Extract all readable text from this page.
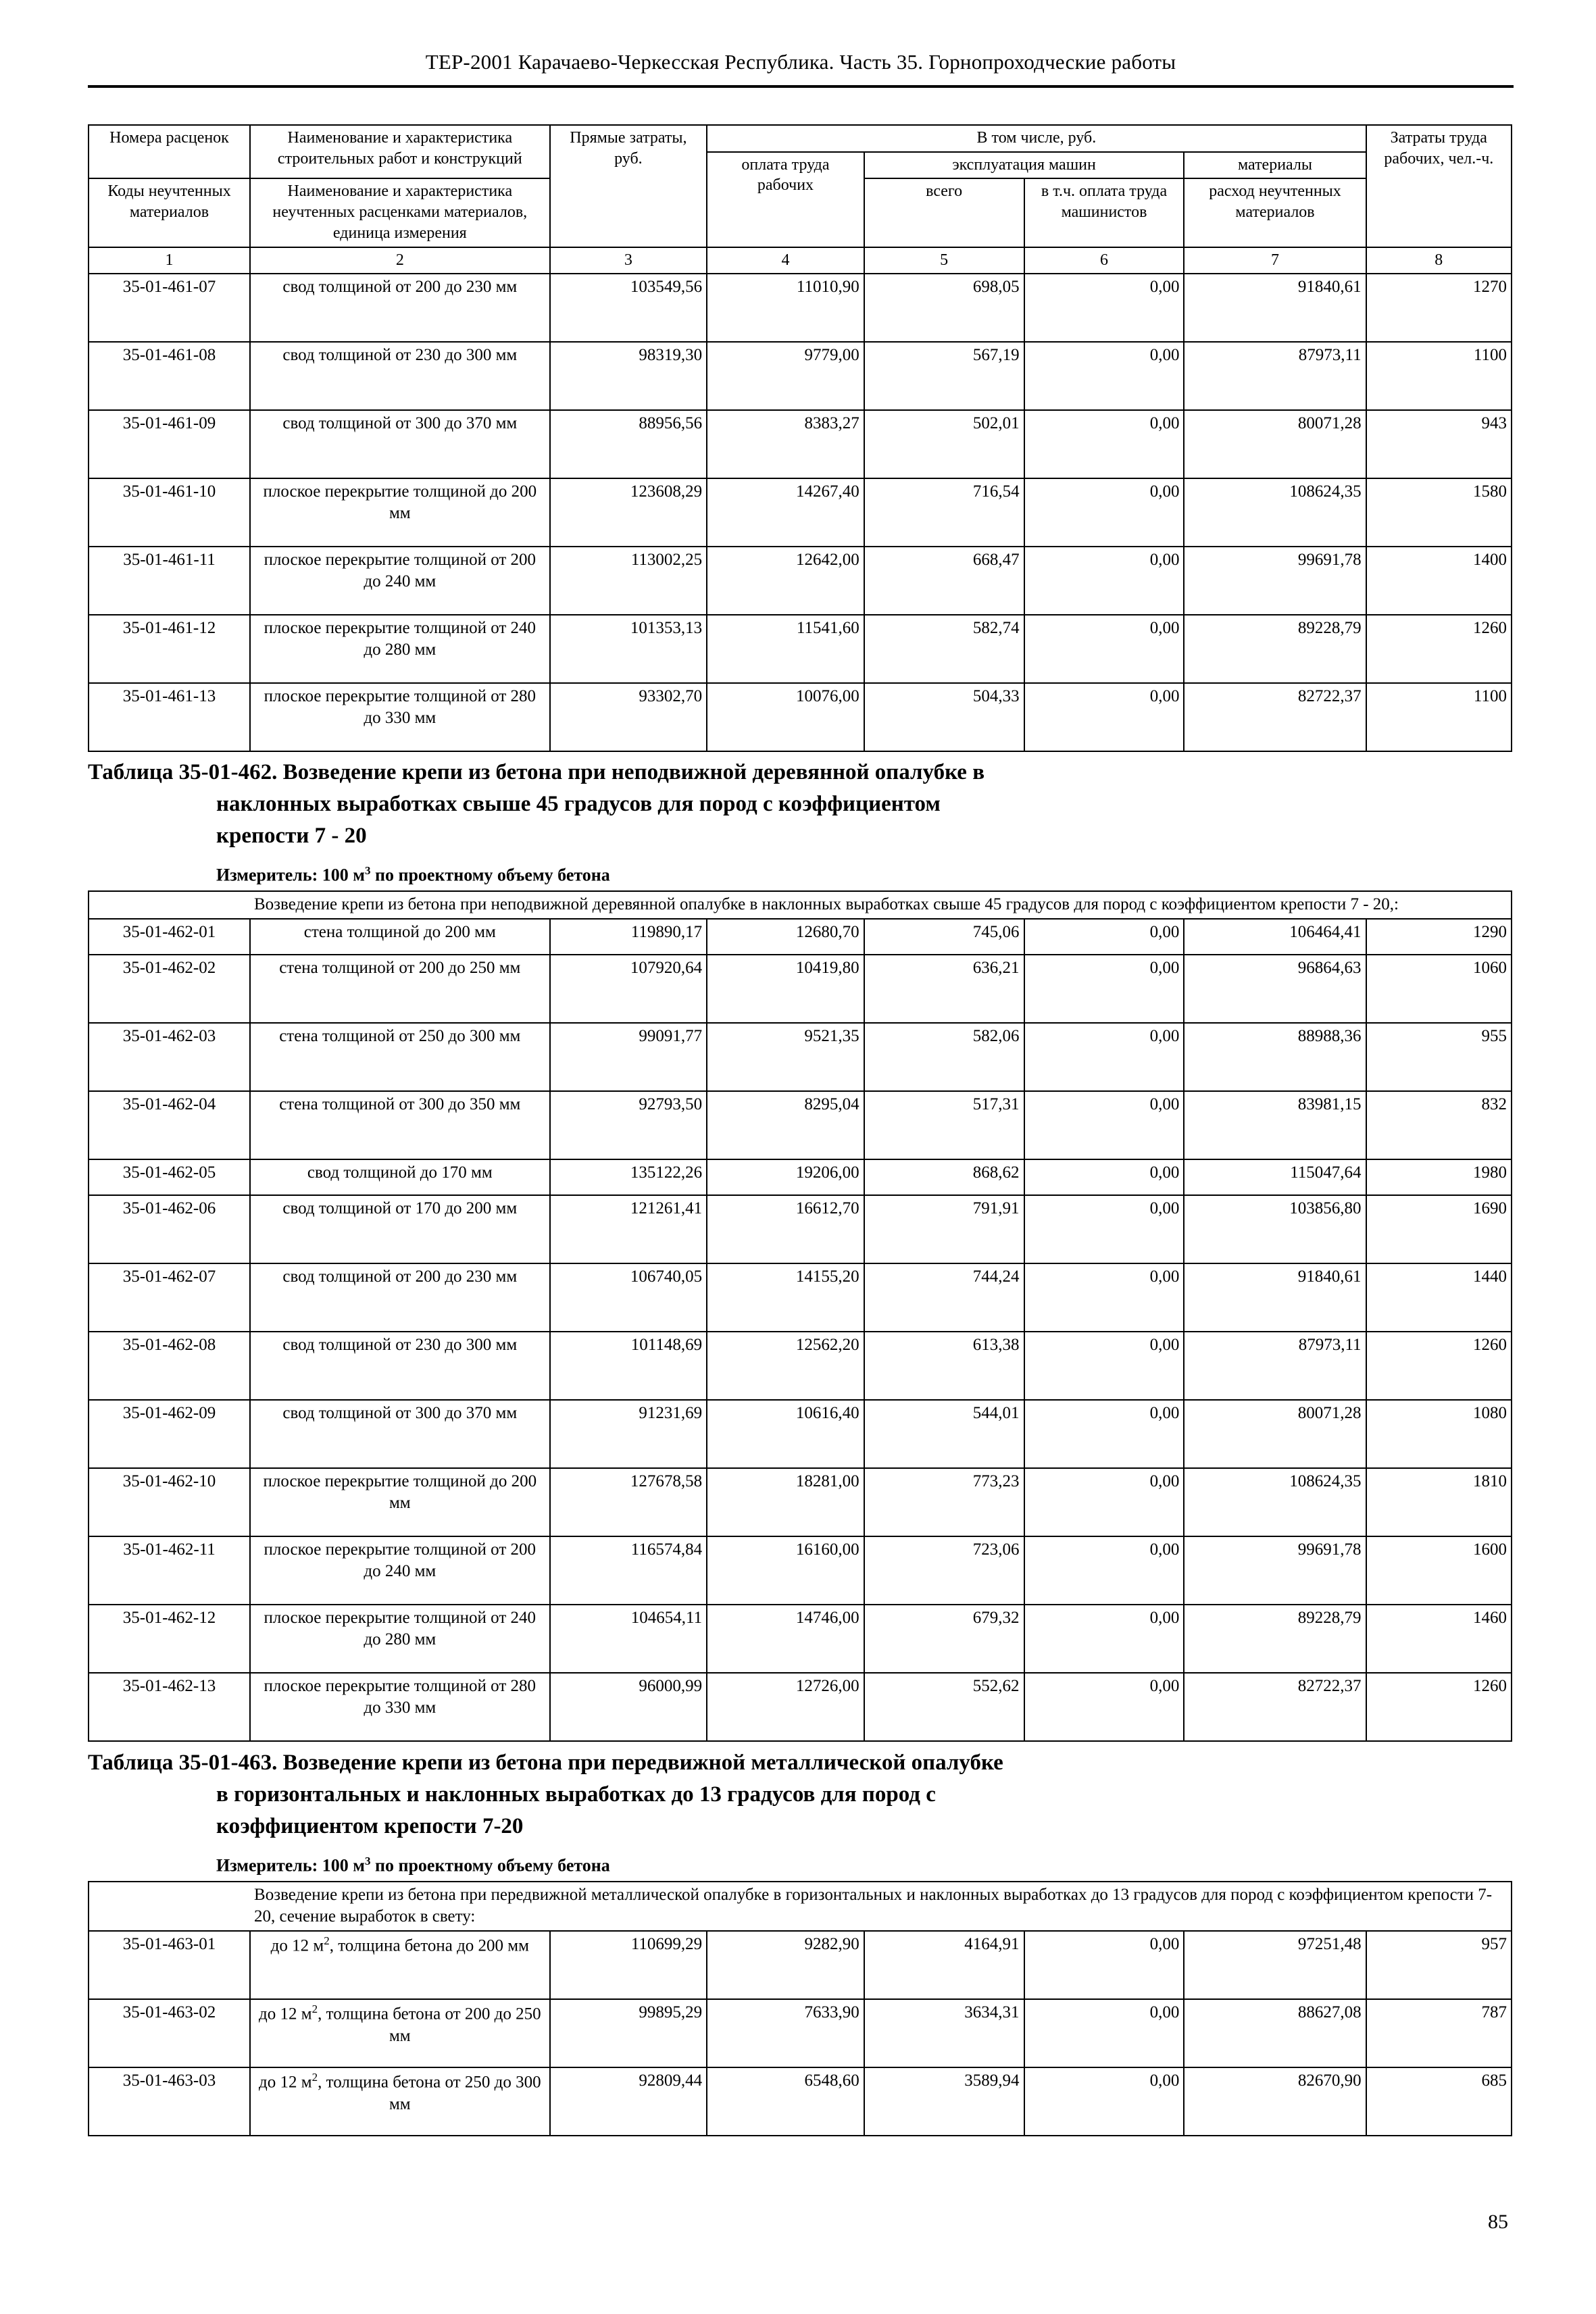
ТЕР-2001 Карачаево-Черкесская Республика. Часть 35. Горнопроходческие работы
Номера расценок	Наименование и характеристика строительных работ и конструкций	Прямые затраты, руб.	В том числе, руб.				Затраты труда рабочих, чел.-ч.
			оплата труда рабочих	эксплуатация машин		материалы	
Коды неучтенных материалов	Наименование и характеристика неучтенных расценками материалов, единица измерения			всего	в т.ч. оплата труда машинистов		
						расход неучтенных материалов	
1	2	3	4	5	6	7	8
35-01-461-07	свод толщиной от 200 до 230 мм	103549,56	11010,90	698,05	0,00	91840,61	1270
35-01-461-08	свод толщиной от 230 до 300 мм	98319,30	9779,00	567,19	0,00	87973,11	1100
35-01-461-09	свод толщиной от 300 до 370 мм	88956,56	8383,27	502,01	0,00	80071,28	943
35-01-461-10	плоское перекрытие толщиной до 200 мм	123608,29	14267,40	716,54	0,00	108624,35	1580
35-01-461-11	плоское перекрытие толщиной от 200 до 240 мм	113002,25	12642,00	668,47	0,00	99691,78	1400
35-01-461-12	плоское перекрытие толщиной от 240 до 280 мм	101353,13	11541,60	582,74	0,00	89228,79	1260
35-01-461-13	плоское перекрытие толщиной от 280 до 330 мм	93302,70	10076,00	504,33	0,00	82722,37	1100
Таблица 35-01-462. Возведение крепи из бетона при неподвижной деревянной опалубке в
наклонных выработках свыше 45 градусов для пород с коэффициентом
крепости 7 - 20
Измеритель: 100 $м^3$ по проектному объему бетона
	Возведение крепи из бетона при неподвижной деревянной опалубке в наклонных выработках свыше 45 градусов для пород с коэффициентом крепости 7 - 20,:						
35-01-462-01	стена толщиной до 200 мм	119890,17	12680,70	745,06	0,00	106464,41	1290
35-01-462-02	стена толщиной от 200 до 250 мм	107920,64	10419,80	636,21	0,00	96864,63	1060
35-01-462-03	стена толщиной от 250 до 300 мм	99091,77	9521,35	582,06	0,00	88988,36	955
35-01-462-04	стена толщиной от 300 до 350 мм	92793,50	8295,04	517,31	0,00	83981,15	832
35-01-462-05	свод толщиной до 170 мм	135122,26	19206,00	868,62	0,00	115047,64	1980
35-01-462-06	свод толщиной от 170 до 200 мм	121261,41	16612,70	791,91	0,00	103856,80	1690
35-01-462-07	свод толщиной от 200 до 230 мм	106740,05	14155,20	744,24	0,00	91840,61	1440
35-01-462-08	свод толщиной от 230 до 300 мм	101148,69	12562,20	613,38	0,00	87973,11	1260
35-01-462-09	свод толщиной от 300 до 370 мм	91231,69	10616,40	544,01	0,00	80071,28	1080
35-01-462-10	плоское перекрытие толщиной до 200 мм	127678,58	18281,00	773,23	0,00	108624,35	1810
35-01-462-11	плоское перекрытие толщиной от 200 до 240 мм	116574,84	16160,00	723,06	0,00	99691,78	1600
35-01-462-12	плоское перекрытие толщиной от 240 до 280 мм	104654,11	14746,00	679,32	0,00	89228,79	1460
35-01-462-13	плоское перекрытие толщиной от 280 до 330 мм	96000,99	12726,00	552,62	0,00	82722,37	1260
Таблица 35-01-463. Возведение крепи из бетона при передвижной металлической опалубке
в горизонтальных и наклонных выработках до 13 градусов для пород с
коэффициентом крепости 7-20
Измеритель: 100 $м^3$ по проектному объему бетона
	Возведение крепи из бетона при передвижной металлической опалубке в горизонтальных и наклонных выработках до 13 градусов для пород с коэффициентом крепости 7-20, сечение выработок в свету:						
35-01-463-01	до 12 $м^2$, толщина бетона до 200 мм	110699,29	9282,90	4164,91	0,00	97251,48	957
35-01-463-02	до 12 $м^2$, толщина бетона от 200 до 250 мм	99895,29	7633,90	3634,31	0,00	88627,08	787
35-01-463-03	до 12 $м^2$, толщина бетона от 250 до 300 мм	92809,44	6548,60	3589,94	0,00	82670,90	685
85
